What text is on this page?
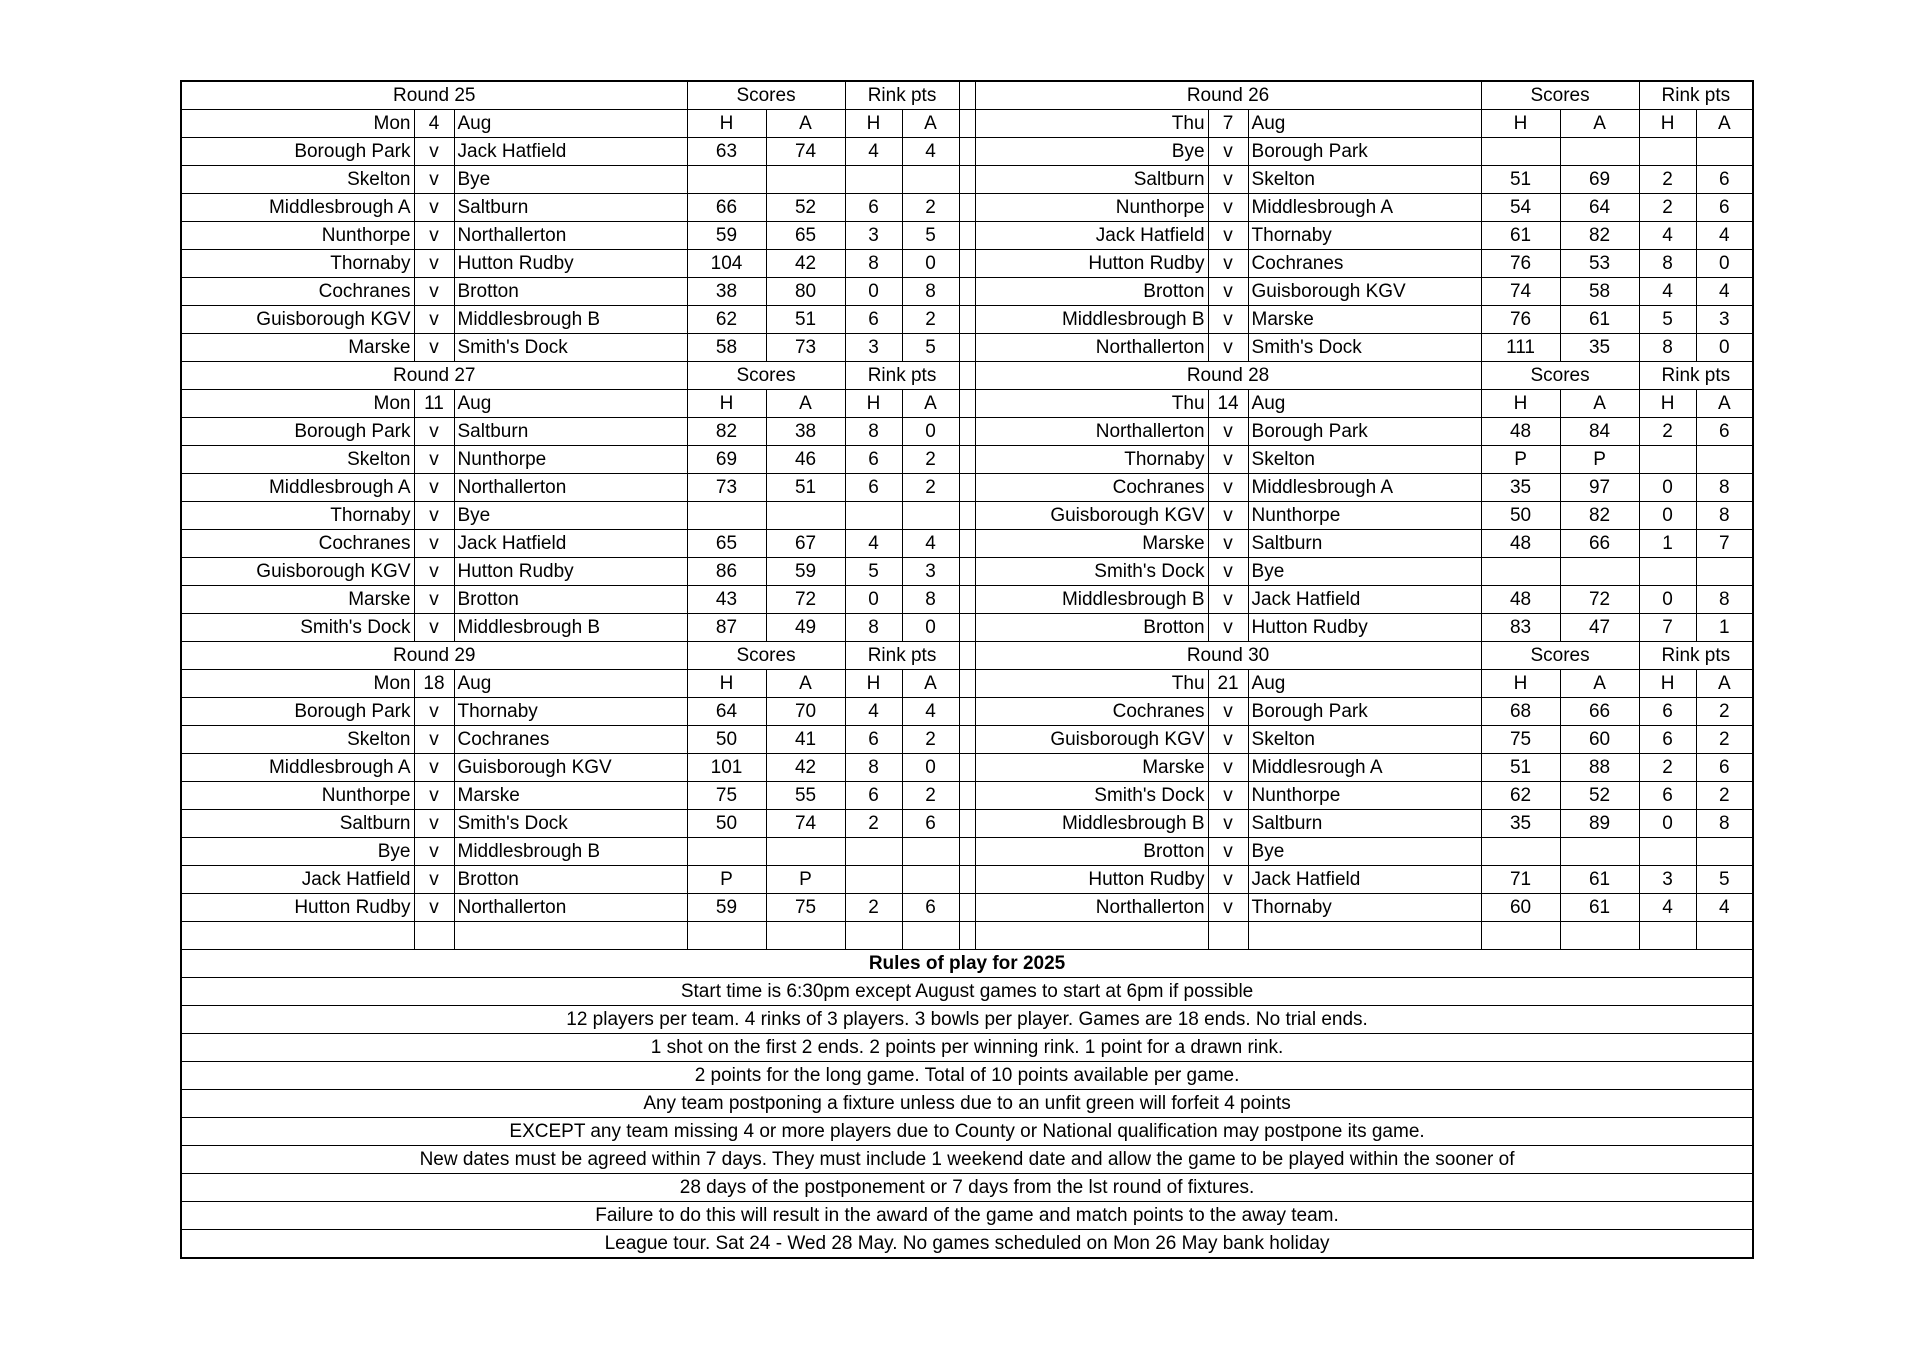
Round 25			Scores		Rink pts			Round 26			Scores		Rink pts	
Mon	4	Aug	H	A	H	A		Thu	7	Aug	H	A	H	A
Borough Park	v	Jack Hatfield	63	74	4	4		Bye	v	Borough Park				
Skelton	v	Bye						Saltburn	v	Skelton	51	69	2	6
Middlesbrough A	v	Saltburn	66	52	6	2		Nunthorpe	v	Middlesbrough A	54	64	2	6
Nunthorpe	v	Northallerton	59	65	3	5		Jack Hatfield	v	Thornaby	61	82	4	4
Thornaby	v	Hutton Rudby	104	42	8	0		Hutton Rudby	v	Cochranes	76	53	8	0
Cochranes	v	Brotton	38	80	0	8		Brotton	v	Guisborough KGV	74	58	4	4
Guisborough KGV	v	Middlesbrough B	62	51	6	2		Middlesbrough B	v	Marske	76	61	5	3
Marske	v	Smith's Dock	58	73	3	5		Northallerton	v	Smith's Dock	111	35	8	0
Round 27			Scores		Rink pts			Round 28			Scores		Rink pts	
Mon	11	Aug	H	A	H	A		Thu	14	Aug	H	A	H	A
Borough Park	v	Saltburn	82	38	8	0		Northallerton	v	Borough Park	48	84	2	6
Skelton	v	Nunthorpe	69	46	6	2		Thornaby	v	Skelton	P	P		
Middlesbrough A	v	Northallerton	73	51	6	2		Cochranes	v	Middlesbrough A	35	97	0	8
Thornaby	v	Bye						Guisborough KGV	v	Nunthorpe	50	82	0	8
Cochranes	v	Jack Hatfield	65	67	4	4		Marske	v	Saltburn	48	66	1	7
Guisborough KGV	v	Hutton Rudby	86	59	5	3		Smith's Dock	v	Bye				
Marske	v	Brotton	43	72	0	8		Middlesbrough B	v	Jack Hatfield	48	72	0	8
Smith's Dock	v	Middlesbrough B	87	49	8	0		Brotton	v	Hutton Rudby	83	47	7	1
Round 29			Scores		Rink pts			Round 30			Scores		Rink pts	
Mon	18	Aug	H	A	H	A		Thu	21	Aug	H	A	H	A
Borough Park	v	Thornaby	64	70	4	4		Cochranes	v	Borough Park	68	66	6	2
Skelton	v	Cochranes	50	41	6	2		Guisborough KGV	v	Skelton	75	60	6	2
Middlesbrough A	v	Guisborough KGV	101	42	8	0		Marske	v	Middlesrough A	51	88	2	6
Nunthorpe	v	Marske	75	55	6	2		Smith's Dock	v	Nunthorpe	62	52	6	2
Saltburn	v	Smith's Dock	50	74	2	6		Middlesbrough B	v	Saltburn	35	89	0	8
Bye	v	Middlesbrough B						Brotton	v	Bye				
Jack Hatfield	v	Brotton	P	P				Hutton Rudby	v	Jack Hatfield	71	61	3	5
Hutton Rudby	v	Northallerton	59	75	2	6		Northallerton	v	Thornaby	60	61	4	4

Rules of play for 2025														
Start time is 6:30pm except August games to start at 6pm if possible														
12 players per team. 4 rinks of 3 players. 3 bowls per player. Games are 18 ends. No trial ends.														
1 shot on the first 2 ends. 2 points per winning rink. 1 point for a drawn rink.														
2 points for the long game. Total of 10 points available per game.														
Any team postponing a fixture unless due to an unfit green will forfeit 4 points														
EXCEPT any team missing 4 or more players due to County or National qualification may postpone its game.														
New dates must be agreed within 7 days. They must include 1 weekend date and allow the game to be played within the sooner of														
28 days of the postponement or 7 days from the lst round of fixtures.														
Failure to do this will result in the award of the game and match points to the away team.														
League tour. Sat 24 - Wed 28 May. No games scheduled on Mon 26 May bank holiday														
